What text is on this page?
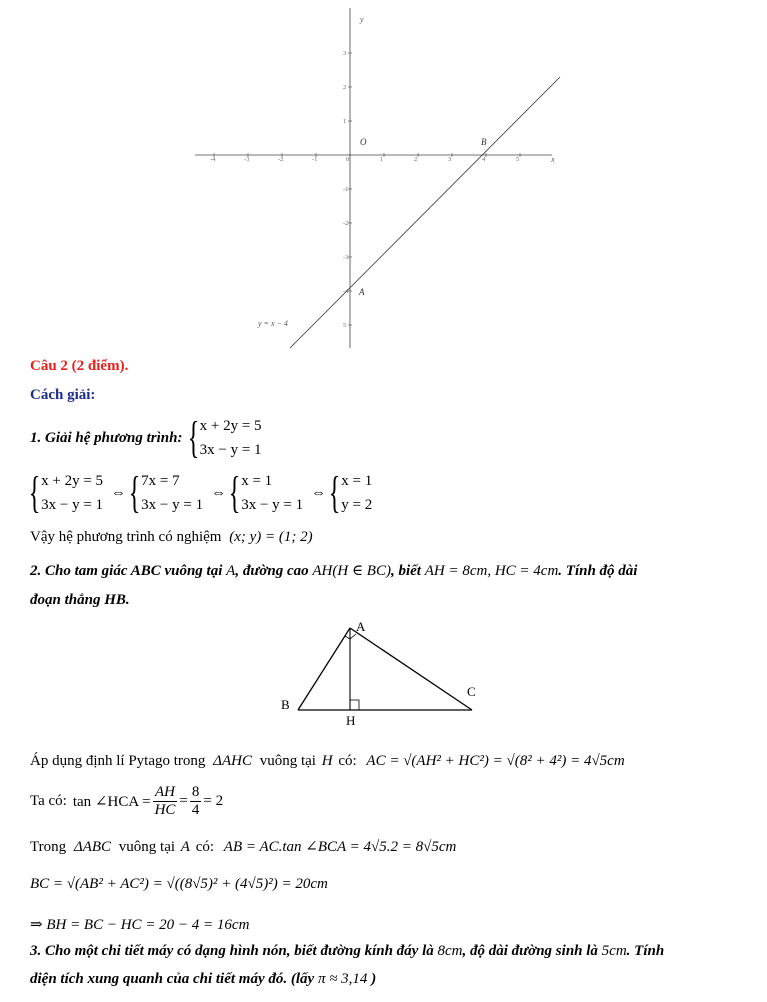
y
x
O	B
A
y = x − 4
-4	-3	-2	-1	0	1	2	3	4	5
3
2
1
-1
-2
-3
-4
5
Câu 2 (2 điểm).
Cách giải:
1. Giải hệ phương trình: { x + 2y = 5
3x − y = 1
{ x + 2y = 5
3x − y = 1
⇔ { 7x = 7
3x − y = 1
⇔ { x = 1
3x − y = 1
⇔ { x = 1
y = 2
Vậy hệ phương trình có nghiệm (x; y) = (1; 2)
2. Cho tam giác ABC vuông tại A, đường cao AH(H ∈ BC), biết AH = 8cm, HC = 4cm. Tính độ dài
đoạn thẳng HB.
A
B
C
H
Áp dụng định lí Pytago trong ΔAHC vuông tại H có: AC = √(AH² + HC²) = √(8² + 4²) = 4√5cm
Ta có: tan ∠HCA = $\frac{AH}{HC} = \frac{8}{4} = 2$
Trong ΔABC vuông tại A có: AB = AC.tan ∠BCA = 4√5.2 = 8√5cm
BC = √(AB² + AC²) = √((8√5)² + (4√5)²) = 20cm
⇒ BH = BC − HC = 20 − 4 = 16cm
3. Cho một chi tiết máy có dạng hình nón, biết đường kính đáy là 8cm, độ dài đường sinh là 5cm. Tính
diện tích xung quanh của chi tiết máy đó. (lấy π ≈ 3,14 )
